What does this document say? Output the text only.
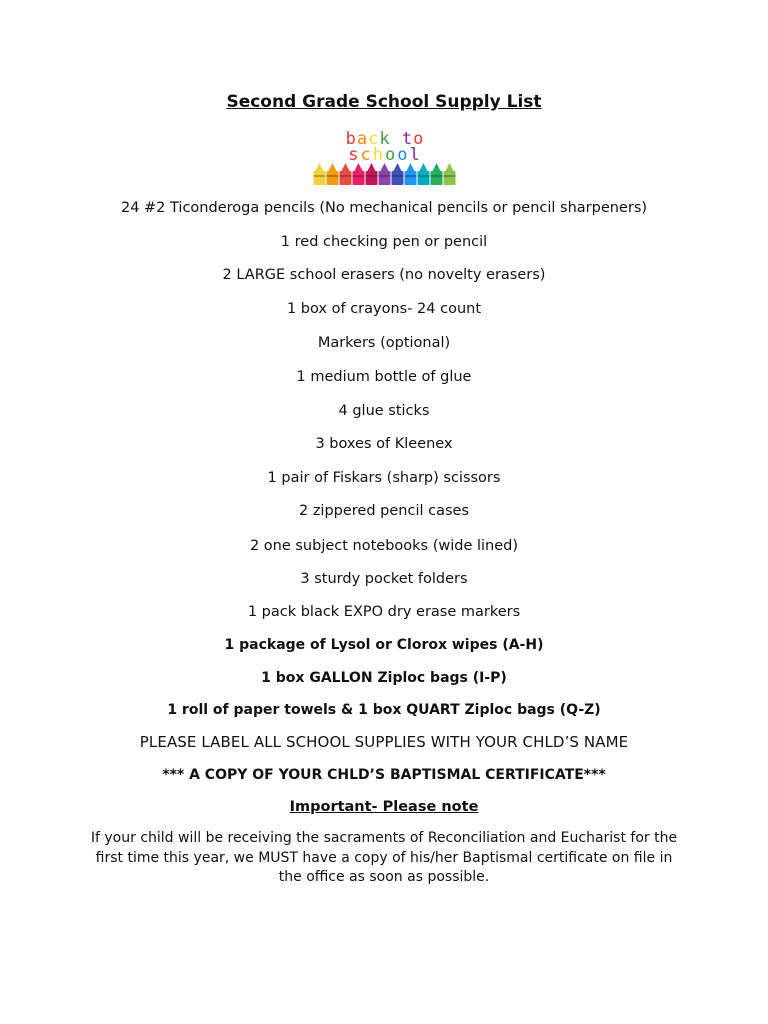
Second Grade School Supply List
back to
school
24 #2 Ticonderoga pencils (No mechanical pencils or pencil sharpeners)
1 red checking pen or pencil
2 LARGE school erasers (no novelty erasers)
1 box of crayons- 24 count
Markers (optional)
1 medium bottle of glue
4 glue sticks
3 boxes of Kleenex
1 pair of Fiskars (sharp) scissors
2 zippered pencil cases
2 one subject notebooks (wide lined)
3 sturdy pocket folders
1 pack black EXPO dry erase markers
1 package of Lysol or Clorox wipes (A-H)
1 box GALLON Ziploc bags (I-P)
1 roll of paper towels & 1 box QUART Ziploc bags (Q-Z)
PLEASE LABEL ALL SCHOOL SUPPLIES WITH YOUR CHLD’S NAME
*** A COPY OF YOUR CHLD’S BAPTISMAL CERTIFICATE***
Important- Please note
If your child will be receiving the sacraments of Reconciliation and Eucharist for the first time this year, we MUST have a copy of his/her Baptismal certificate on file in the office as soon as possible.
